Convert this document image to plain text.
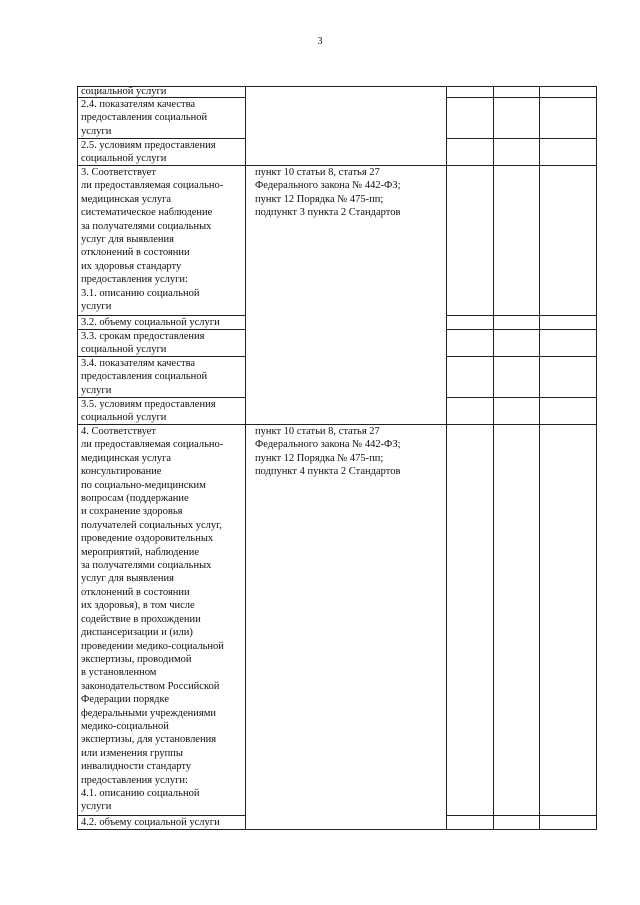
3
социальной услуги
2.4. показателям качества
предоставления социальной
услуги
2.5. условиям предоставления
социальной услуги
3. Соответствует
ли предоставляемая социально-
медицинская услуга
систематическое наблюдение
за получателями социальных
услуг для выявления
отклонений в состоянии
их здоровья стандарту
предоставления услуги:
3.1. описанию социальной
услуги
3.2. объему социальной услуги
3.3. срокам предоставления
социальной услуги
3.4. показателям качества
предоставления социальной
услуги
3.5. условиям предоставления
социальной услуги
4. Соответствует
ли предоставляемая социально-
медицинская услуга
консультирование
по социально-медицинским
вопросам (поддержание
и сохранение здоровья
получателей социальных услуг,
проведение оздоровительных
мероприятий, наблюдение
за получателями социальных
услуг для выявления
отклонений в состоянии
их здоровья), в том числе
содействие в прохождении
диспансеризации и (или)
проведении медико-социальной
экспертизы, проводимой
в установленном
законодательством Российской
Федерации порядке
федеральными учреждениями
медико-социальной
экспертизы, для установления
или изменения группы
инвалидности стандарту
предоставления услуги:
4.1. описанию социальной
услуги
4.2. объему социальной услуги
пункт 10 статьи 8, статья 27
Федерального закона № 442-ФЗ;
пункт 12 Порядка № 475-пп;
подпункт 3 пункта 2 Стандартов
пункт 10 статьи 8, статья 27
Федерального закона № 442-ФЗ;
пункт 12 Порядка № 475-пп;
подпункт 4 пункта 2 Стандартов
